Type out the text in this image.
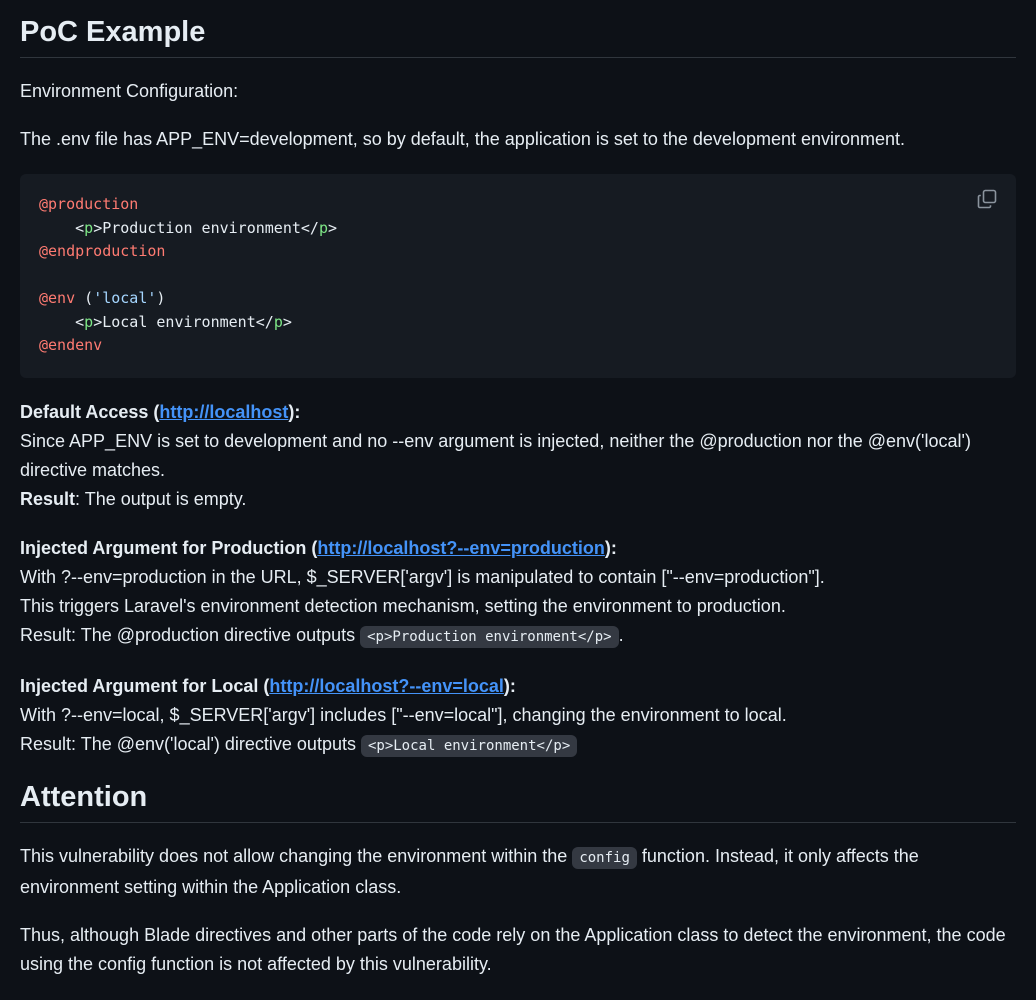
PoC Example

Environment Configuration:

The .env file has APP_ENV=development, so by default, the application is set to the development environment.

@production
<p>Production environment</p>
@endproduction

@env ('local')
<p>Local environment</p>
@endenv

Default Access (http://localhost):
Since APP_ENV is set to development and no --env argument is injected, neither the @production nor the @env('local') directive matches.
Result: The output is empty.

Injected Argument for Production (http://localhost?--env=production):
With ?--env=production in the URL, $_SERVER['argv'] is manipulated to contain ["--env=production"].
This triggers Laravel's environment detection mechanism, setting the environment to production.
Result: The @production directive outputs <p>Production environment</p> .

Injected Argument for Local (http://localhost?--env=local):
With ?--env=local, $_SERVER['argv'] includes ["--env=local"], changing the environment to local.
Result: The @env('local') directive outputs <p>Local environment</p>

Attention

This vulnerability does not allow changing the environment within the config function. Instead, it only affects the environment setting within the Application class.

Thus, although Blade directives and other parts of the code rely on the Application class to detect the environment, the code using the config function is not affected by this vulnerability.
